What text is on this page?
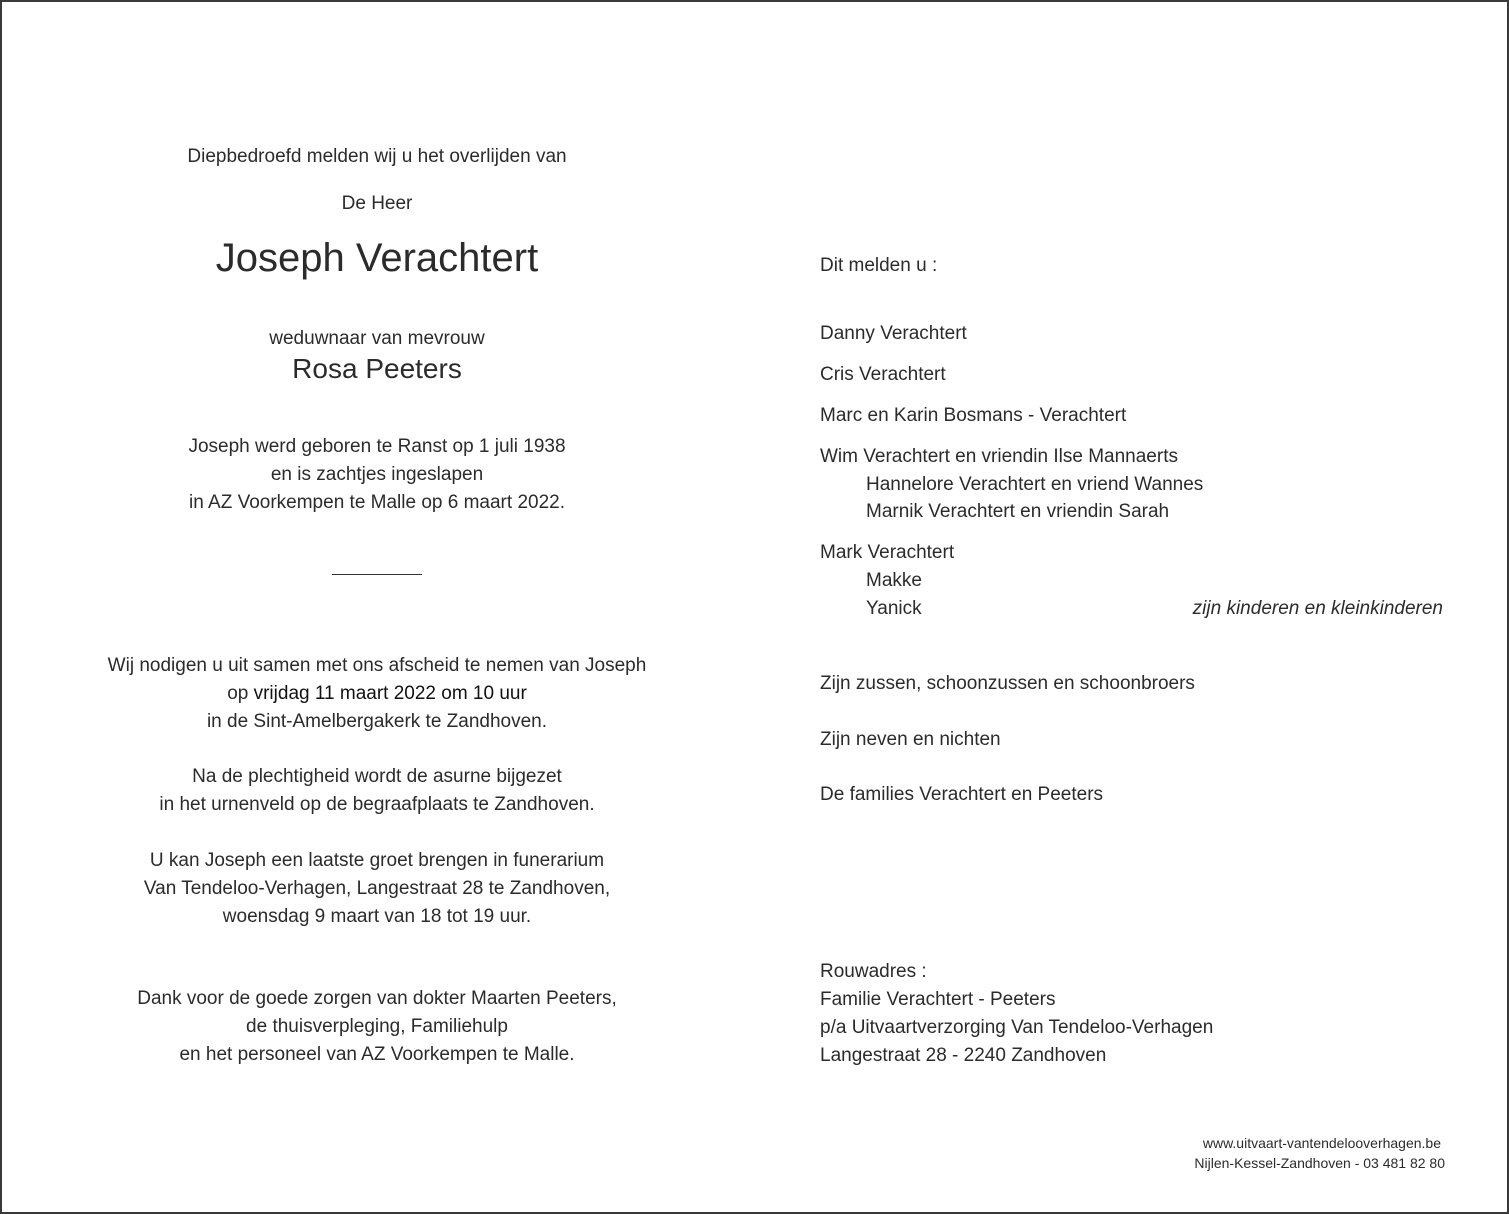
Diepbedroefd melden wij u het overlijden van
De Heer
Joseph Verachtert
weduwnaar van mevrouw
Rosa Peeters
Joseph werd geboren te Ranst op 1 juli 1938
en is zachtjes ingeslapen
in AZ Voorkempen te Malle op 6 maart 2022.
Wij nodigen u uit samen met ons afscheid te nemen van Joseph
op vrijdag 11 maart 2022 om 10 uur
in de Sint-Amelbergakerk te Zandhoven.
Na de plechtigheid wordt de asurne bijgezet
in het urnenveld op de begraafplaats te Zandhoven.
U kan Joseph een laatste groet brengen in funerarium
Van Tendeloo-Verhagen, Langestraat 28 te Zandhoven,
woensdag 9 maart van 18 tot 19 uur.
Dank voor de goede zorgen van dokter Maarten Peeters,
de thuisverpleging, Familiehulp
en het personeel van AZ Voorkempen te Malle.
Dit melden u :
Danny Verachtert
Cris Verachtert
Marc en Karin Bosmans - Verachtert
Wim Verachtert en vriendin Ilse Mannaerts
Hannelore Verachtert en vriend Wannes
Marnik Verachtert en vriendin Sarah
Mark Verachtert
Makke
Yanick	zijn kinderen en kleinkinderen
Zijn zussen, schoonzussen en schoonbroers
Zijn neven en nichten
De families Verachtert en Peeters
Rouwadres :
Familie Verachtert - Peeters
p/a Uitvaartverzorging Van Tendeloo-Verhagen
Langestraat 28 - 2240 Zandhoven
www.uitvaart-vantendelooverhagen.be
Nijlen-Kessel-Zandhoven - 03 481 82 80
